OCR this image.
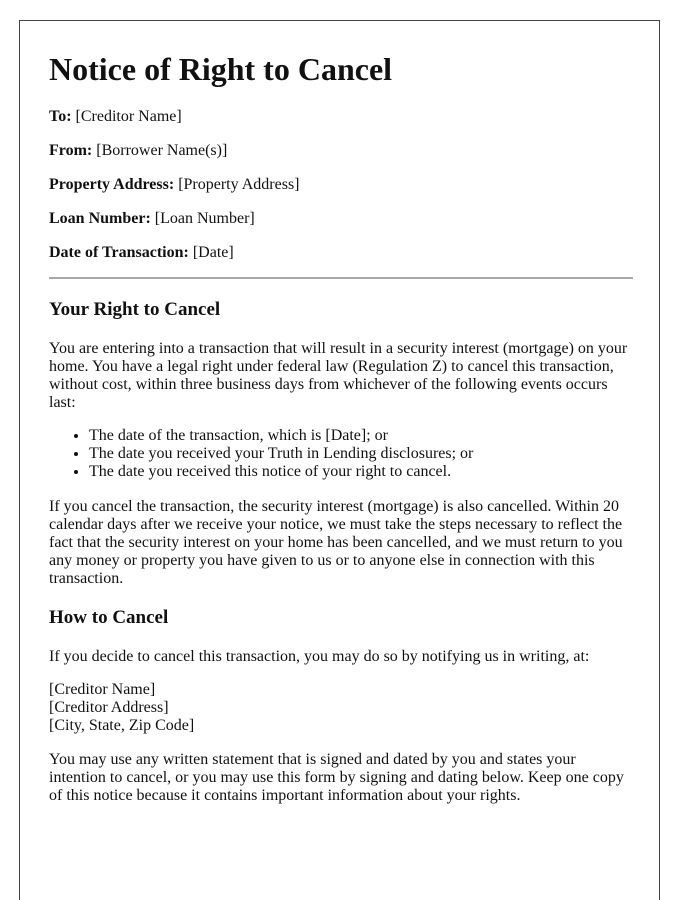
Notice of Right to Cancel

To: [Creditor Name]

From: [Borrower Name(s)]

Property Address: [Property Address]

Loan Number: [Loan Number]

Date of Transaction: [Date]

Your Right to Cancel

You are entering into a transaction that will result in a security interest (mortgage) on your home. You have a legal right under federal law (Regulation Z) to cancel this transaction, without cost, within three business days from whichever of the following events occurs last:

• The date of the transaction, which is [Date]; or
• The date you received your Truth in Lending disclosures; or
• The date you received this notice of your right to cancel.

If you cancel the transaction, the security interest (mortgage) is also cancelled. Within 20 calendar days after we receive your notice, we must take the steps necessary to reflect the fact that the security interest on your home has been cancelled, and we must return to you any money or property you have given to us or to anyone else in connection with this transaction.

How to Cancel

If you decide to cancel this transaction, you may do so by notifying us in writing, at:

[Creditor Name]
[Creditor Address]
[City, State, Zip Code]

You may use any written statement that is signed and dated by you and states your intention to cancel, or you may use this form by signing and dating below. Keep one copy of this notice because it contains important information about your rights.
